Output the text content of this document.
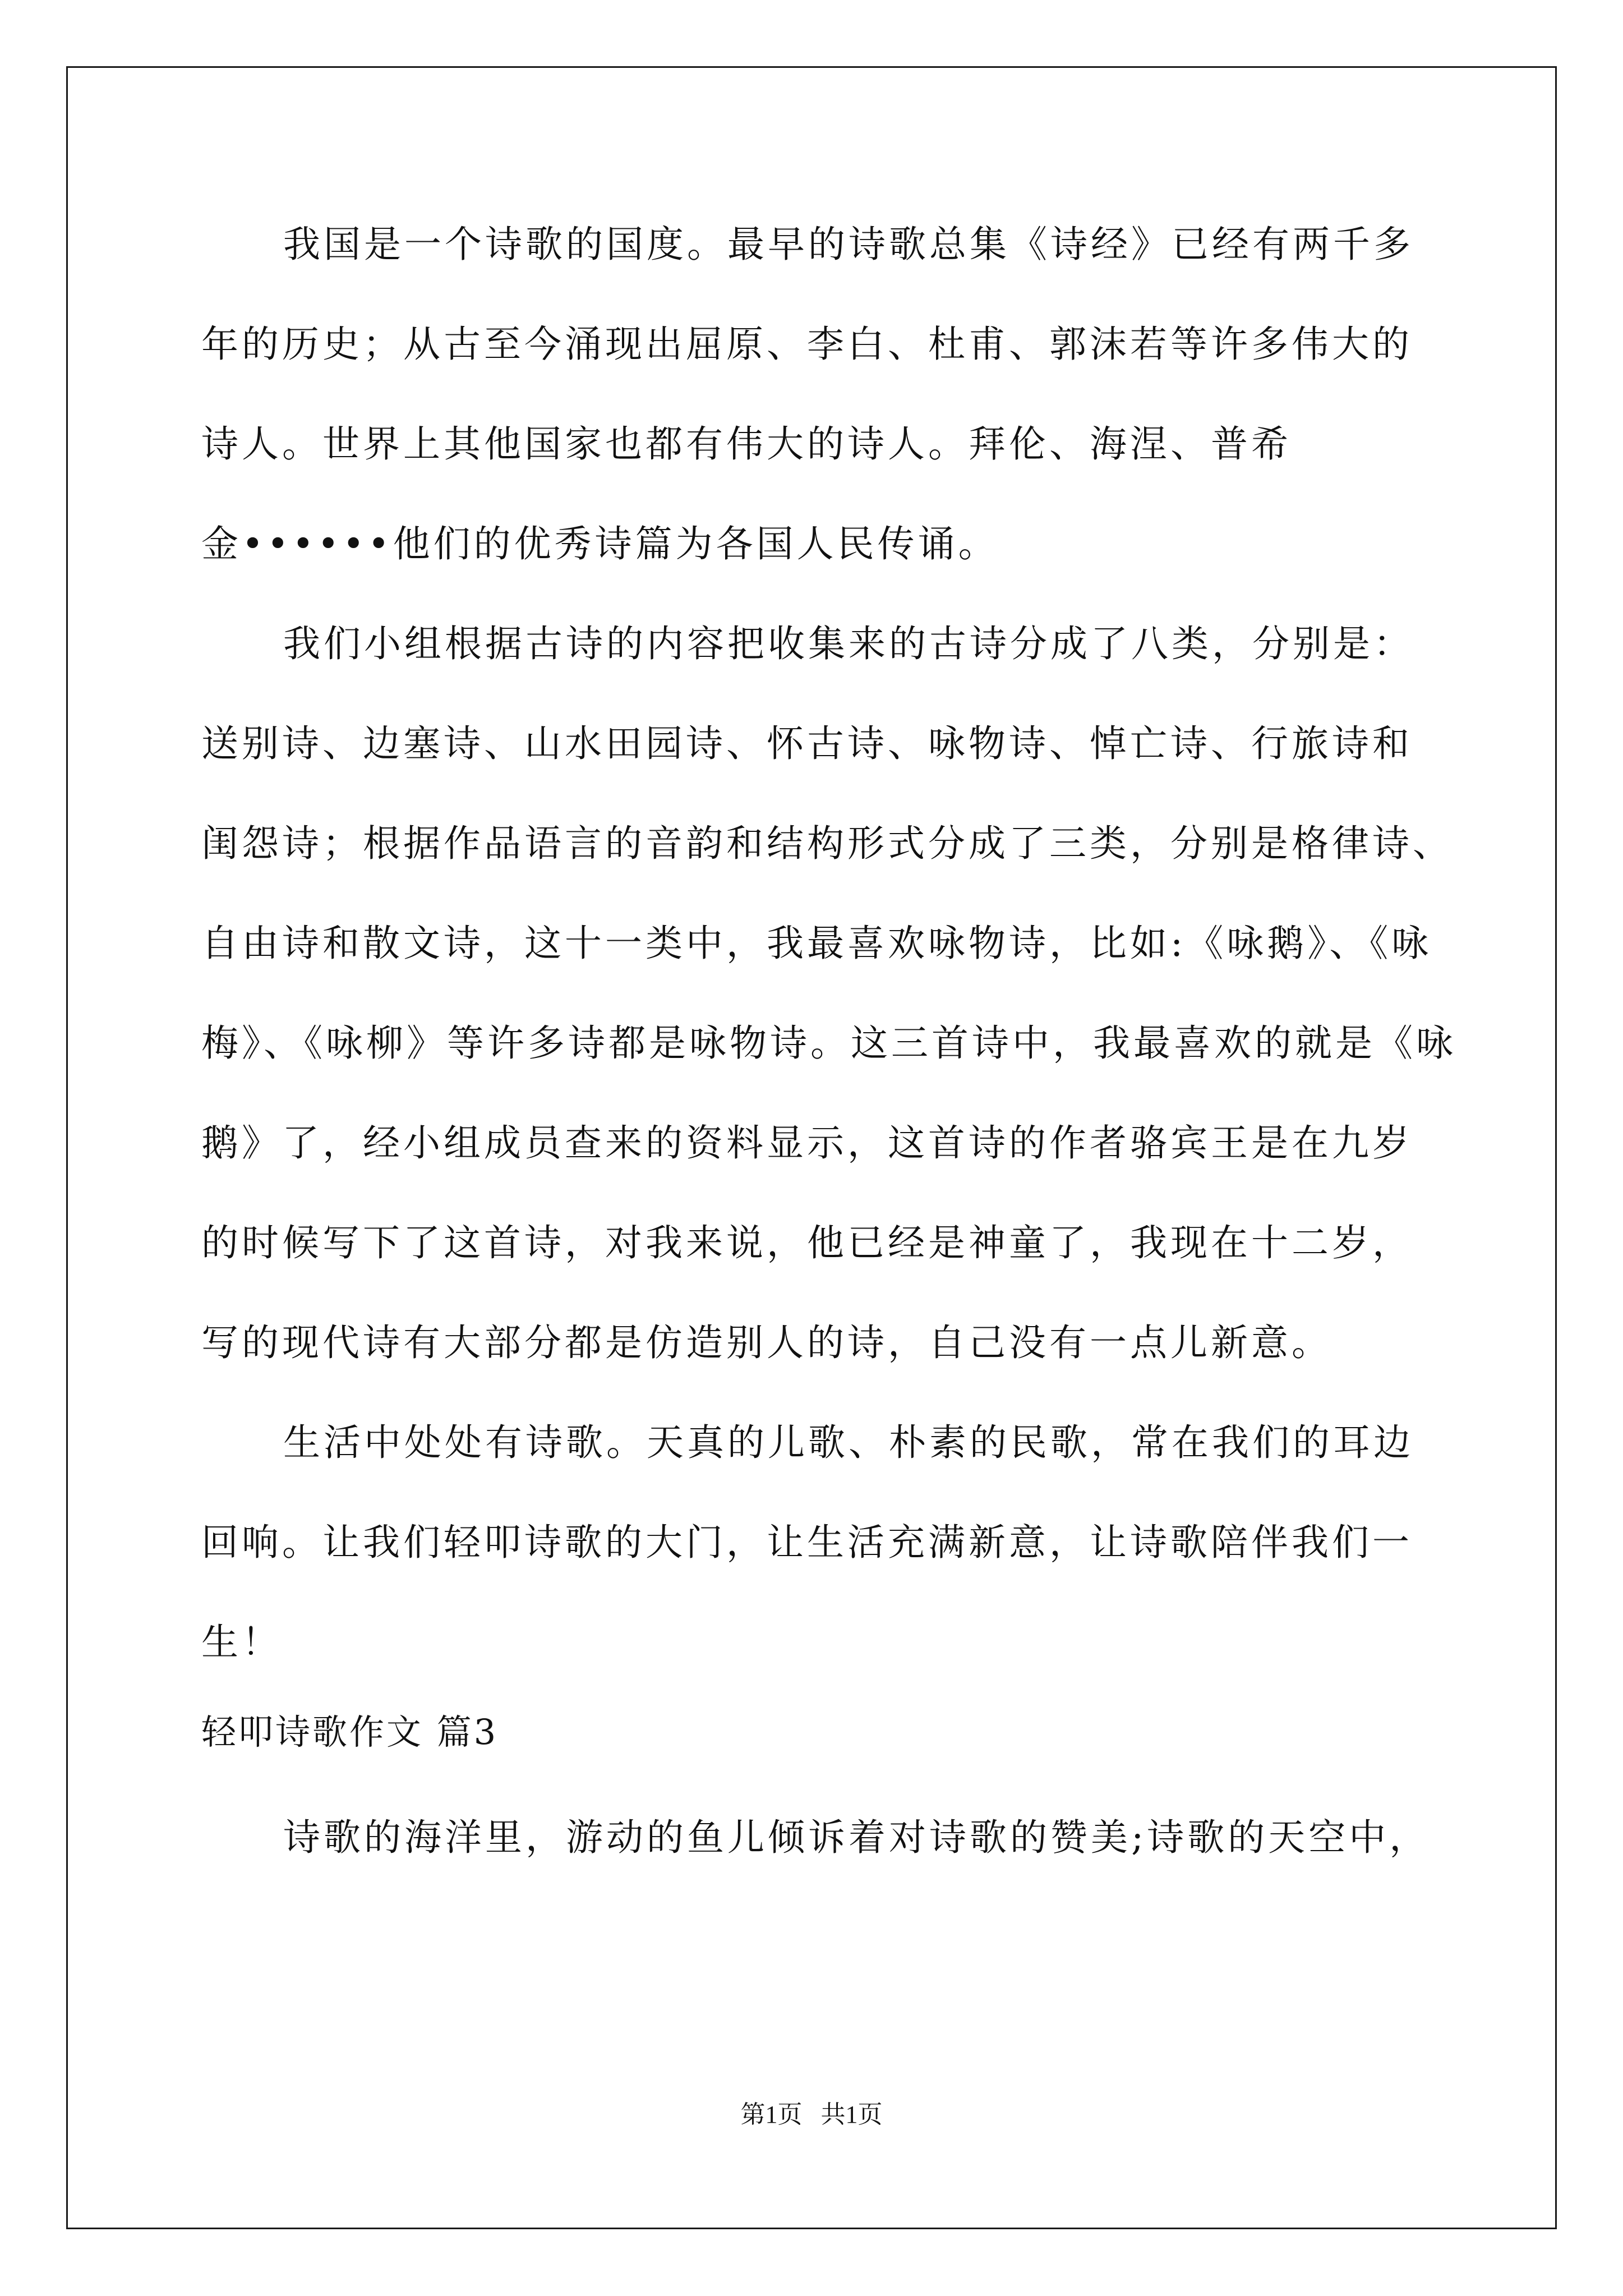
我国是一个诗歌的国度。最早的诗歌总集《诗经》已经有两千多
年的历史；从古至今涌现出屈原、李白、杜甫、郭沫若等许多伟大的
诗人。世界上其他国家也都有伟大的诗人。拜伦、海涅、普希
金••••••他们的优秀诗篇为各国人民传诵。
我们小组根据古诗的内容把收集来的古诗分成了八类，分别是：
送别诗、边塞诗、山水田园诗、怀古诗、咏物诗、悼亡诗、行旅诗和
闺怨诗；根据作品语言的音韵和结构形式分成了三类，分别是格律诗、
自由诗和散文诗，这十一类中，我最喜欢咏物诗，比如:《咏鹅》、《咏
梅》、《咏柳》等许多诗都是咏物诗。这三首诗中，我最喜欢的就是《咏
鹅》了，经小组成员查来的资料显示，这首诗的作者骆宾王是在九岁
的时候写下了这首诗，对我来说，他已经是神童了，我现在十二岁，
写的现代诗有大部分都是仿造别人的诗，自己没有一点儿新意。
生活中处处有诗歌。天真的儿歌、朴素的民歌，常在我们的耳边
回响。让我们轻叩诗歌的大门，让生活充满新意，让诗歌陪伴我们一
生！
轻叩诗歌作文 篇3
诗歌的海洋里，游动的鱼儿倾诉着对诗歌的赞美;诗歌的天空中，
第1页   共1页
